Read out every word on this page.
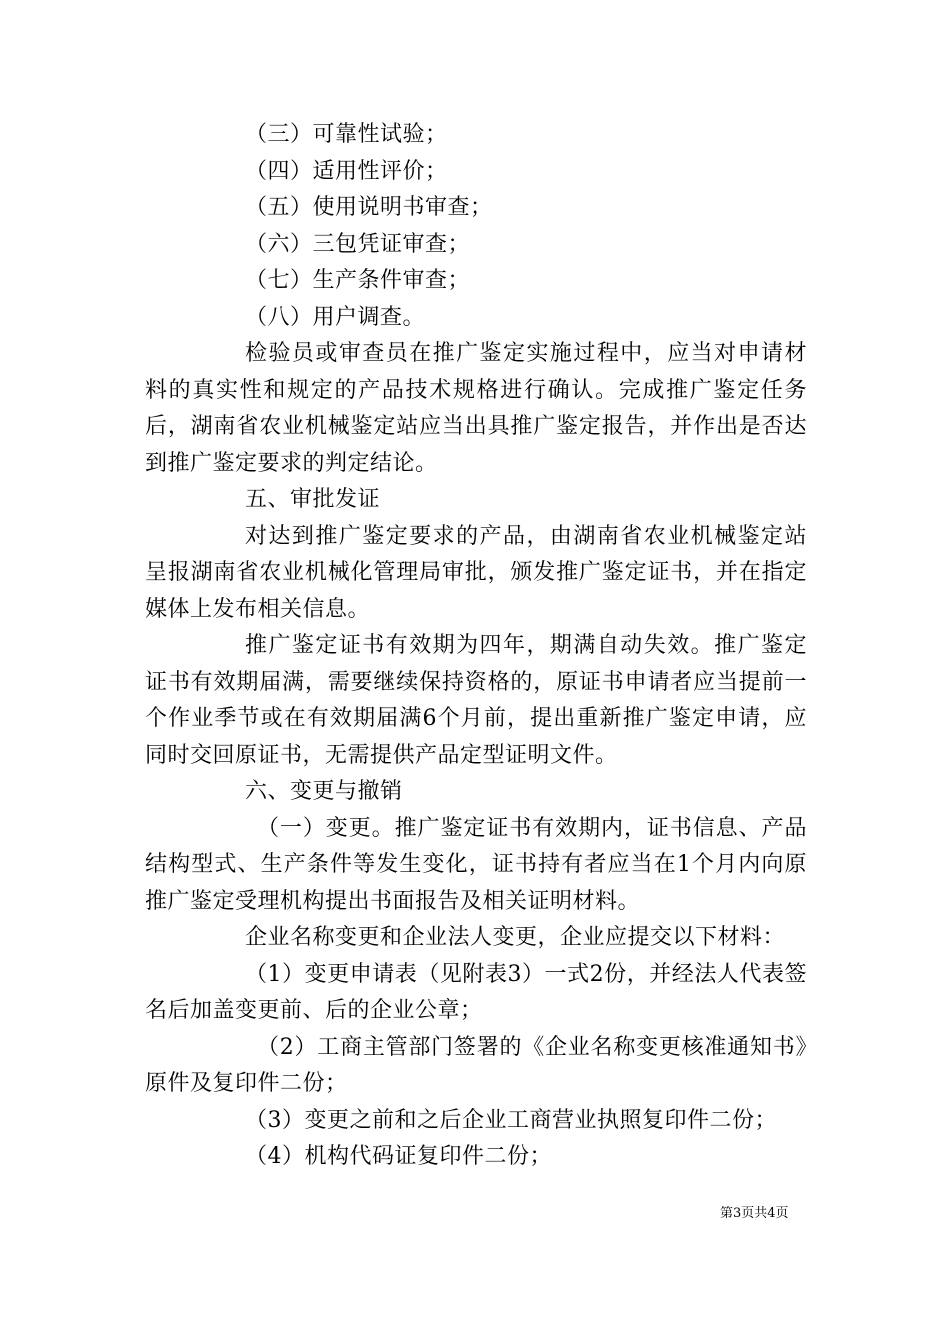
（三）可靠性试验；

（四）适用性评价；

（五）使用说明书审查；

（六）三包凭证审查；

（七）生产条件审查；

（八）用户调查。

检验员或审查员在推广鉴定实施过程中，应当对申请材料的真实性和规定的产品技术规格进行确认。完成推广鉴定任务后，湖南省农业机械鉴定站应当出具推广鉴定报告，并作出是否达到推广鉴定要求的判定结论。

五、审批发证

对达到推广鉴定要求的产品，由湖南省农业机械鉴定站呈报湖南省农业机械化管理局审批，颁发推广鉴定证书，并在指定媒体上发布相关信息。

推广鉴定证书有效期为四年，期满自动失效。推广鉴定证书有效期届满，需要继续保持资格的，原证书申请者应当提前一个作业季节或在有效期届满6个月前，提出重新推广鉴定申请，应同时交回原证书，无需提供产品定型证明文件。

六、变更与撤销

（一）变更。推广鉴定证书有效期内，证书信息、产品结构型式、生产条件等发生变化，证书持有者应当在1个月内向原推广鉴定受理机构提出书面报告及相关证明材料。

企业名称变更和企业法人变更，企业应提交以下材料：

（1）变更申请表（见附表3）一式2份，并经法人代表签名后加盖变更前、后的企业公章；

（2）工商主管部门签署的《企业名称变更核准通知书》原件及复印件二份；

（3）变更之前和之后企业工商营业执照复印件二份；

（4）机构代码证复印件二份；

第3页共4页
